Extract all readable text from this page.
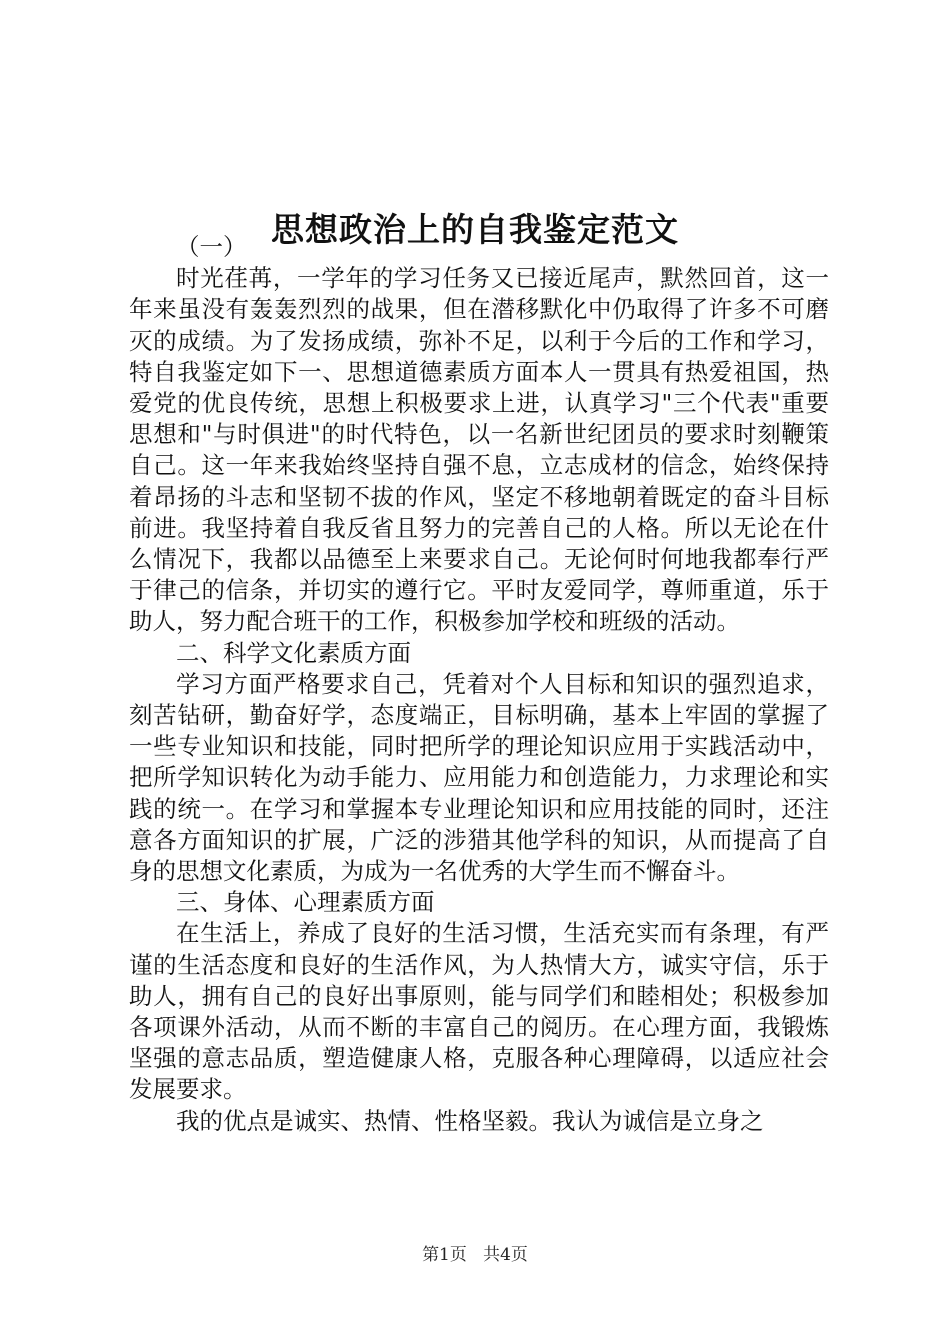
思想政治上的自我鉴定范文

（一）

时光荏苒，一学年的学习任务又已接近尾声，默然回首，这一年来虽没有轰轰烈烈的战果，但在潜移默化中仍取得了许多不可磨灭的成绩。为了发扬成绩，弥补不足，以利于今后的工作和学习，特自我鉴定如下一、思想道德素质方面本人一贯具有热爱祖国，热爱党的优良传统，思想上积极要求上进，认真学习"三个代表"重要思想和"与时俱进"的时代特色，以一名新世纪团员的要求时刻鞭策自己。这一年来我始终坚持自强不息，立志成材的信念，始终保持着昂扬的斗志和坚韧不拔的作风，坚定不移地朝着既定的奋斗目标前进。我坚持着自我反省且努力的完善自己的人格。所以无论在什么情况下，我都以品德至上来要求自己。无论何时何地我都奉行严于律己的信条，并切实的遵行它。平时友爱同学，尊师重道，乐于助人，努力配合班干的工作，积极参加学校和班级的活动。

二、科学文化素质方面

学习方面严格要求自己，凭着对个人目标和知识的强烈追求，刻苦钻研，勤奋好学，态度端正，目标明确，基本上牢固的掌握了一些专业知识和技能，同时把所学的理论知识应用于实践活动中，把所学知识转化为动手能力、应用能力和创造能力，力求理论和实践的统一。在学习和掌握本专业理论知识和应用技能的同时，还注意各方面知识的扩展，广泛的涉猎其他学科的知识，从而提高了自身的思想文化素质，为成为一名优秀的大学生而不懈奋斗。

三、身体、心理素质方面

在生活上，养成了良好的生活习惯，生活充实而有条理，有严谨的生活态度和良好的生活作风，为人热情大方，诚实守信，乐于助人，拥有自己的良好出事原则，能与同学们和睦相处；积极参加各项课外活动，从而不断的丰富自己的阅历。在心理方面，我锻炼坚强的意志品质，塑造健康人格，克服各种心理障碍，以适应社会发展要求。

我的优点是诚实、热情、性格坚毅。我认为诚信是立身之

第1页 共4页
